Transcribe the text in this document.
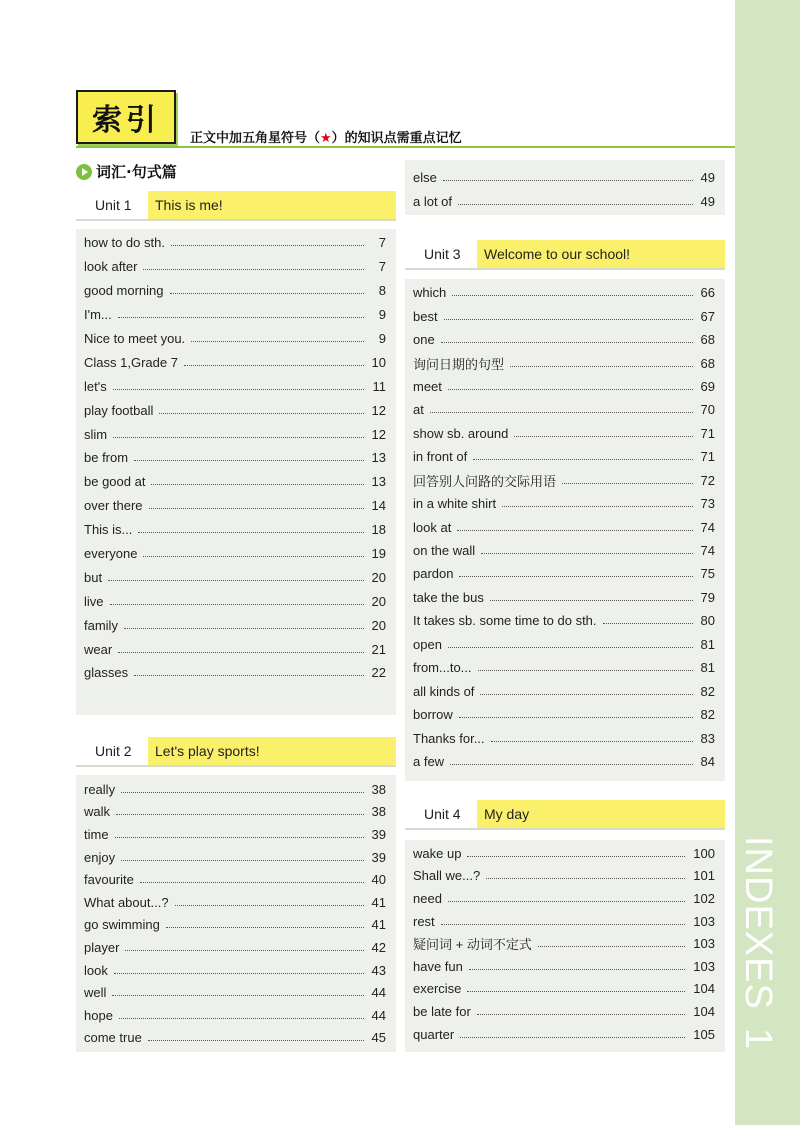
INDEXES1
索引
正文中加五角星符号（ ★ ）的知识点需重点记忆
词汇·句式篇
Unit 1	This is me!
how to do sth.	7
look after	7
good morning	8
I'm...	9
Nice to meet you.	9
Class 1,Grade 7	10
let's	11
play football	12
slim	12
be from	13
be good at	13
over there	14
This is...	18
everyone	19
but	20
live	20
family	20
wear	21
glasses	22
Unit 2	Let's play sports!
really	38
walk	38
time	39
enjoy	39
favourite	40
What about...?	41
go swimming	41
player	42
look	43
well	44
hope	44
come true	45
else	49
a lot of	49
Unit 3	Welcome to our school!
which	66
best	67
one	68
询问日期的句型	68
meet	69
at	70
show sb. around	71
in front of	71
回答别人问路的交际用语	72
in a white shirt	73
look at	74
on the wall	74
pardon	75
take the bus	79
It takes sb. some time to do sth.	80
open	81
from...to...	81
all kinds of	82
borrow	82
Thanks for...	83
a few	84
Unit 4	My day
wake up	100
Shall we...?	101
need	102
rest	103
疑问词 + 动词不定式	103
have fun	103
exercise	104
be late for	104
quarter	105
